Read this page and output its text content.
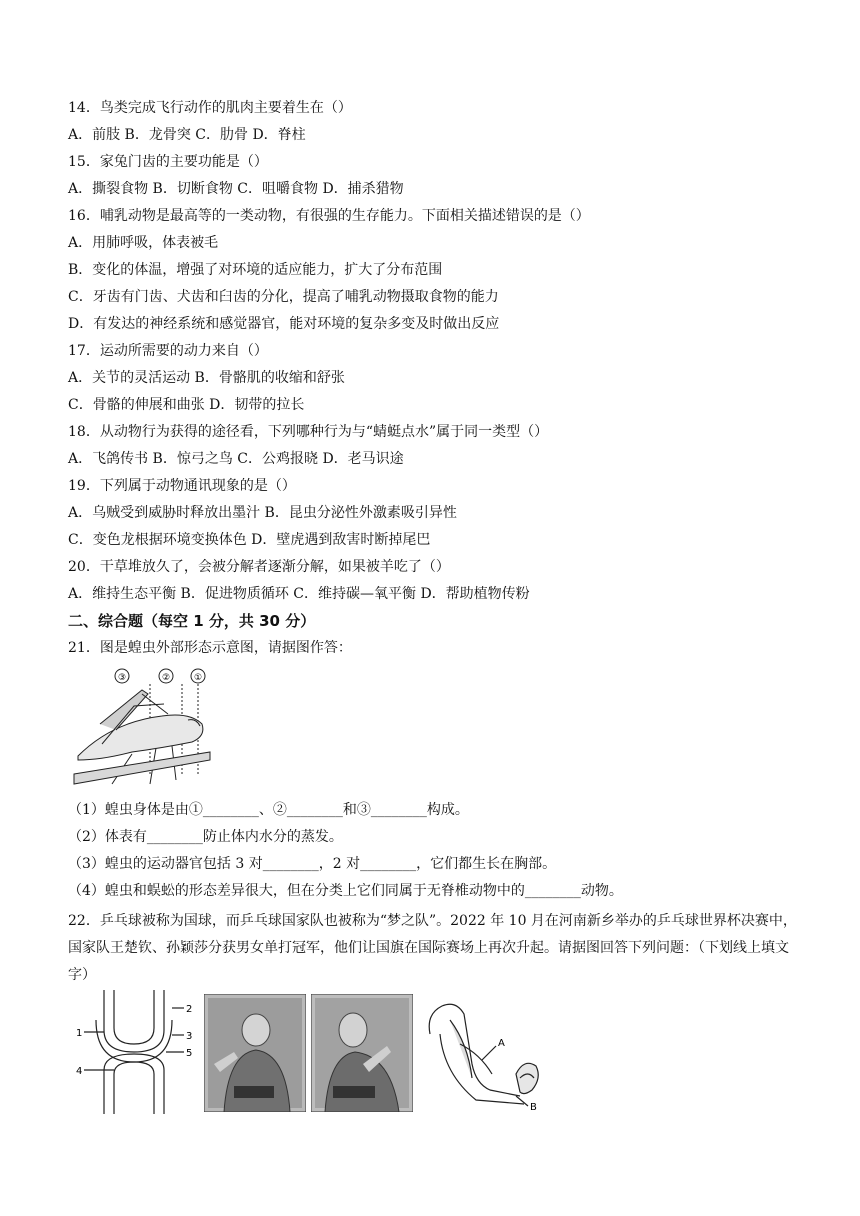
14．鸟类完成飞行动作的肌肉主要着生在（）
A．前肢 B．龙骨突 C．肋骨 D．脊柱
15．家兔门齿的主要功能是（）
A．撕裂食物 B．切断食物 C．咀嚼食物 D．捕杀猎物
16．哺乳动物是最高等的一类动物，有很强的生存能力。下面相关描述错误的是（）
A．用肺呼吸，体表被毛
B．变化的体温，增强了对环境的适应能力，扩大了分布范围
C．牙齿有门齿、犬齿和臼齿的分化，提高了哺乳动物摄取食物的能力
D．有发达的神经系统和感觉器官，能对环境的复杂多变及时做出反应
17．运动所需要的动力来自（）
A．关节的灵活运动 B．骨骼肌的收缩和舒张
C．骨骼的伸展和曲张 D．韧带的拉长
18．从动物行为获得的途径看，下列哪种行为与“蜻蜓点水”属于同一类型（）
A．飞鸽传书 B．惊弓之鸟 C．公鸡报晓 D．老马识途
19．下列属于动物通讯现象的是（）
A．乌贼受到威胁时释放出墨汁 B．昆虫分泌性外激素吸引异性
C．变色龙根据环境变换体色 D．壁虎遇到敌害时断掉尾巴
20．干草堆放久了，会被分解者逐渐分解，如果被羊吃了（）
A．维持生态平衡 B．促进物质循环 C．维持碳—氧平衡 D．帮助植物传粉
二、综合题（每空 1 分，共 30 分）
21．图是蝗虫外部形态示意图，请据图作答：
③	②	①
（1）蝗虫身体是由①________、②________和③________构成。
（2）体表有________防止体内水分的蒸发。
（3）蝗虫的运动器官包括 3 对________，2 对________，它们都生长在胸部。
（4）蝗虫和蜈蚣的形态差异很大，但在分类上它们同属于无脊椎动物中的________动物。
22．乒乓球被称为国球，而乒乓球国家队也被称为“梦之队”。2022 年 10 月在河南新乡举办的乒乓球世界杯决赛中，国家队王楚钦、孙颖莎分获男女单打冠军，他们让国旗在国际赛场上再次升起。请据图回答下列问题：（下划线上填文字）
1
2
3
4
5
A
B
